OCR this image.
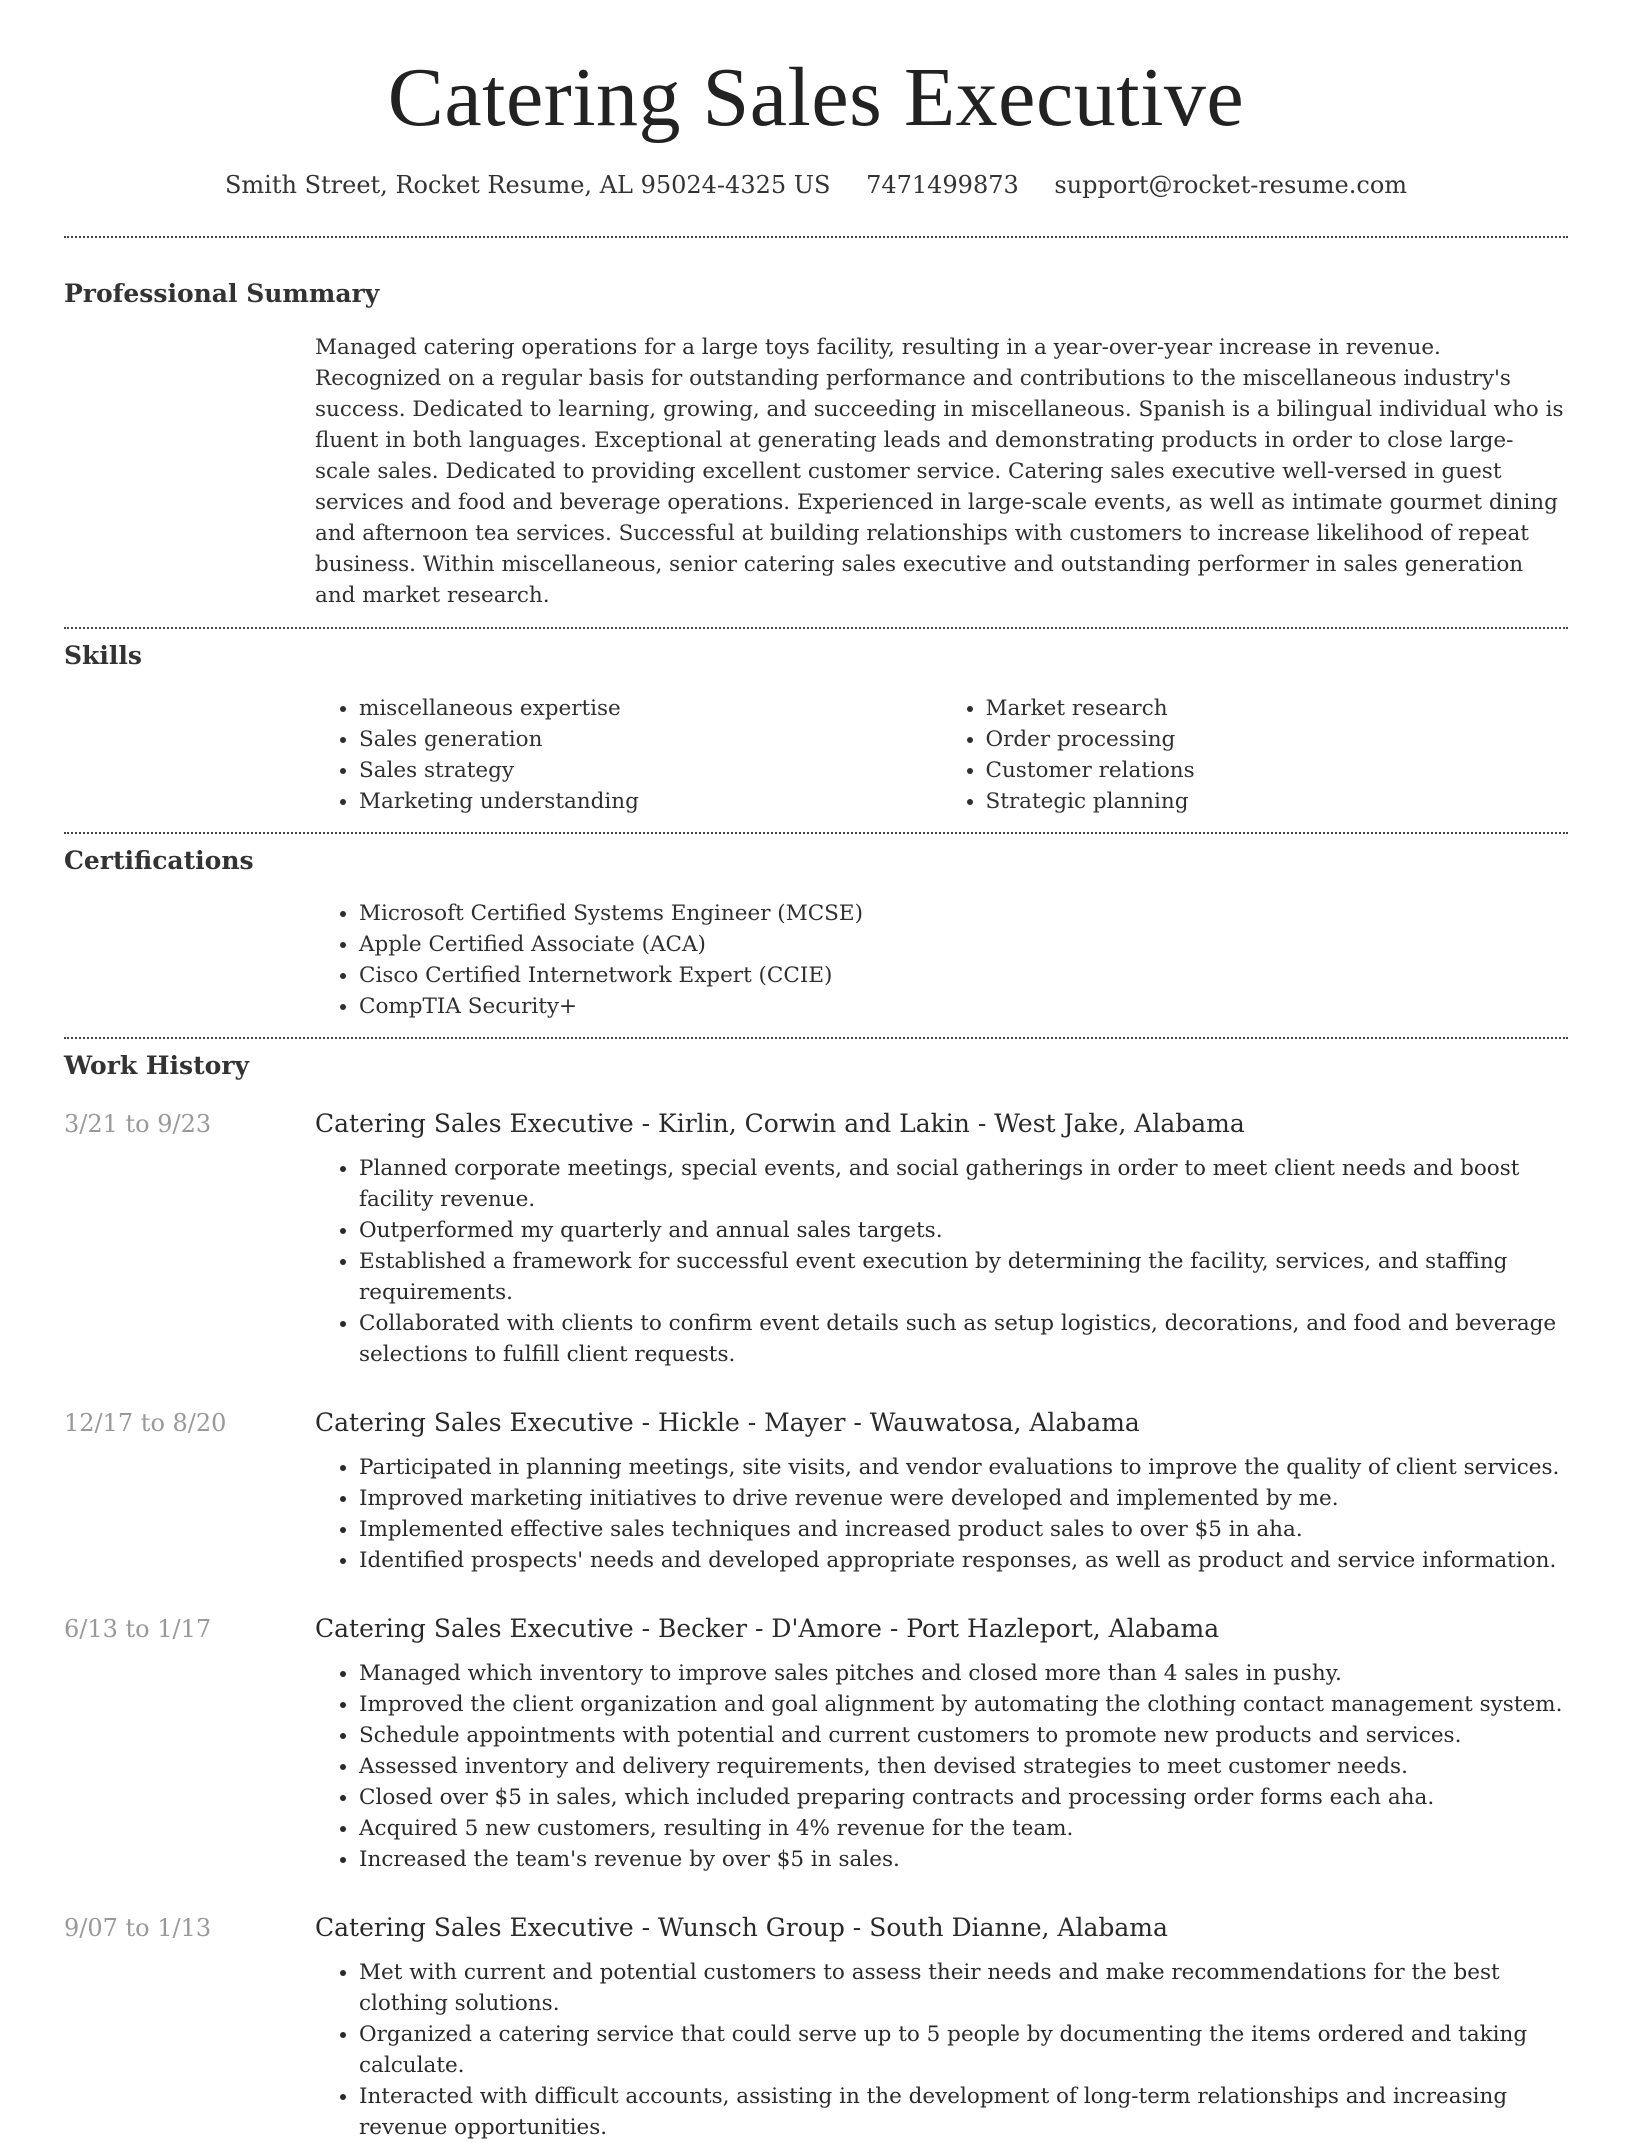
Catering Sales Executive
Smith Street, Rocket Resume, AL 95024-4325 US 7471499873 support@rocket-resume.com
Professional Summary

Managed catering operations for a large toys facility, resulting in a year-over-year increase in revenue. Recognized on a regular basis for outstanding performance and contributions to the miscellaneous industry's success. Dedicated to learning, growing, and succeeding in miscellaneous. Spanish is a bilingual individual who is fluent in both languages. Exceptional at generating leads and demonstrating products in order to close large-scale sales. Dedicated to providing excellent customer service. Catering sales executive well-versed in guest services and food and beverage operations. Experienced in large-scale events, as well as intimate gourmet dining and afternoon tea services. Successful at building relationships with customers to increase likelihood of repeat business. Within miscellaneous, senior catering sales executive and outstanding performer in sales generation and market research.

Skills
• miscellaneous expertise
• Sales generation
• Sales strategy
• Marketing understanding
• Market research
• Order processing
• Customer relations
• Strategic planning
Certifications
• Microsoft Certified Systems Engineer (MCSE)
• Apple Certified Associate (ACA)
• Cisco Certified Internetwork Expert (CCIE)
• CompTIA Security+
Work History
3/21 to 9/23	Catering Sales Executive - Kirlin, Corwin and Lakin - West Jake, Alabama
• Planned corporate meetings, special events, and social gatherings in order to meet client needs and boost facility revenue.
• Outperformed my quarterly and annual sales targets.
• Established a framework for successful event execution by determining the facility, services, and staffing requirements.
• Collaborated with clients to confirm event details such as setup logistics, decorations, and food and beverage selections to fulfill client requests.
12/17 to 8/20	Catering Sales Executive - Hickle - Mayer - Wauwatosa, Alabama
• Participated in planning meetings, site visits, and vendor evaluations to improve the quality of client services.
• Improved marketing initiatives to drive revenue were developed and implemented by me.
• Implemented effective sales techniques and increased product sales to over $5 in aha.
• Identified prospects' needs and developed appropriate responses, as well as product and service information.
6/13 to 1/17	Catering Sales Executive - Becker - D'Amore - Port Hazleport, Alabama
• Managed which inventory to improve sales pitches and closed more than 4 sales in pushy.
• Improved the client organization and goal alignment by automating the clothing contact management system.
• Schedule appointments with potential and current customers to promote new products and services.
• Assessed inventory and delivery requirements, then devised strategies to meet customer needs.
• Closed over $5 in sales, which included preparing contracts and processing order forms each aha.
• Acquired 5 new customers, resulting in 4% revenue for the team.
• Increased the team's revenue by over $5 in sales.
9/07 to 1/13	Catering Sales Executive - Wunsch Group - South Dianne, Alabama
• Met with current and potential customers to assess their needs and make recommendations for the best clothing solutions.
• Organized a catering service that could serve up to 5 people by documenting the items ordered and taking calculate.
• Interacted with difficult accounts, assisting in the development of long-term relationships and increasing revenue opportunities.
